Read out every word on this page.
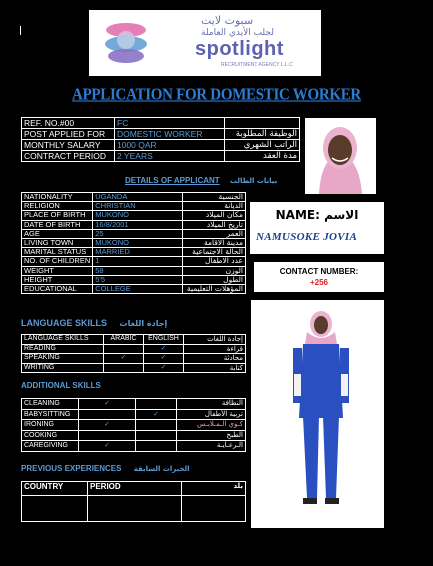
سبوت لايت
لجلب الأيدي العاملة
spotlight
RECRUITMENT AGENCY L.L.C
APPLICATION FOR DOMESTIC WORKER
REF. NO.#00	FC	
POST APPLIED FOR	DOMESTIC WORKER	الوظيفة المطلوبة
MONTHLY SALARY	1000 QAR	الراتب الشهري
CONTRACT PERIOD	2 YEARS	مدة العقد
DETAILS OF APPLICANT بيانات الطالب
NATIONALITY	UGANDA	الجنسية
RELIGION	CHRISTIAN	الديانة
PLACE OF BIRTH	MUKONO	مكان الميلاد
DATE OF BIRTH	16/8/2001	تاريخ الميلاد
AGE	25	العمر
LIVING TOWN	MUKONO	مدينة الاقامة
MARITAL STATUS	MARRIED	الحالة الاجتماعية
NO. OF CHILDREN	1	عدد الاطفال
WEIGHT	58	الوزن
HEIGHT	5'5	الطول
EDUCATIONAL	COLLEGE	المؤهلات التعليمية
NAME: الاسم
NAMUSOKE JOVIA
CONTACT NUMBER:
+256
LANGUAGE SKILLS إجادة اللغات
LANGUAGE SKILLS	ARABIC	ENGLISH	إجادة اللغات
READING		✓	قراءة
SPEAKING	✓	✓	محادثة
WRITING		✓	كتابة
ADDITIONAL SKILLS
CLEANING	✓		النظافة
BABYSITTING		✓	تربية الأطفال
IRONING	✓		كـوي الـمـلابـس
COOKING			الطبخ
CAREGIVING	✓		الـرعـايـة
PREVIOUS EXPERIENCES الخبرات السابقة
COUNTRY	PERIOD	بلد
